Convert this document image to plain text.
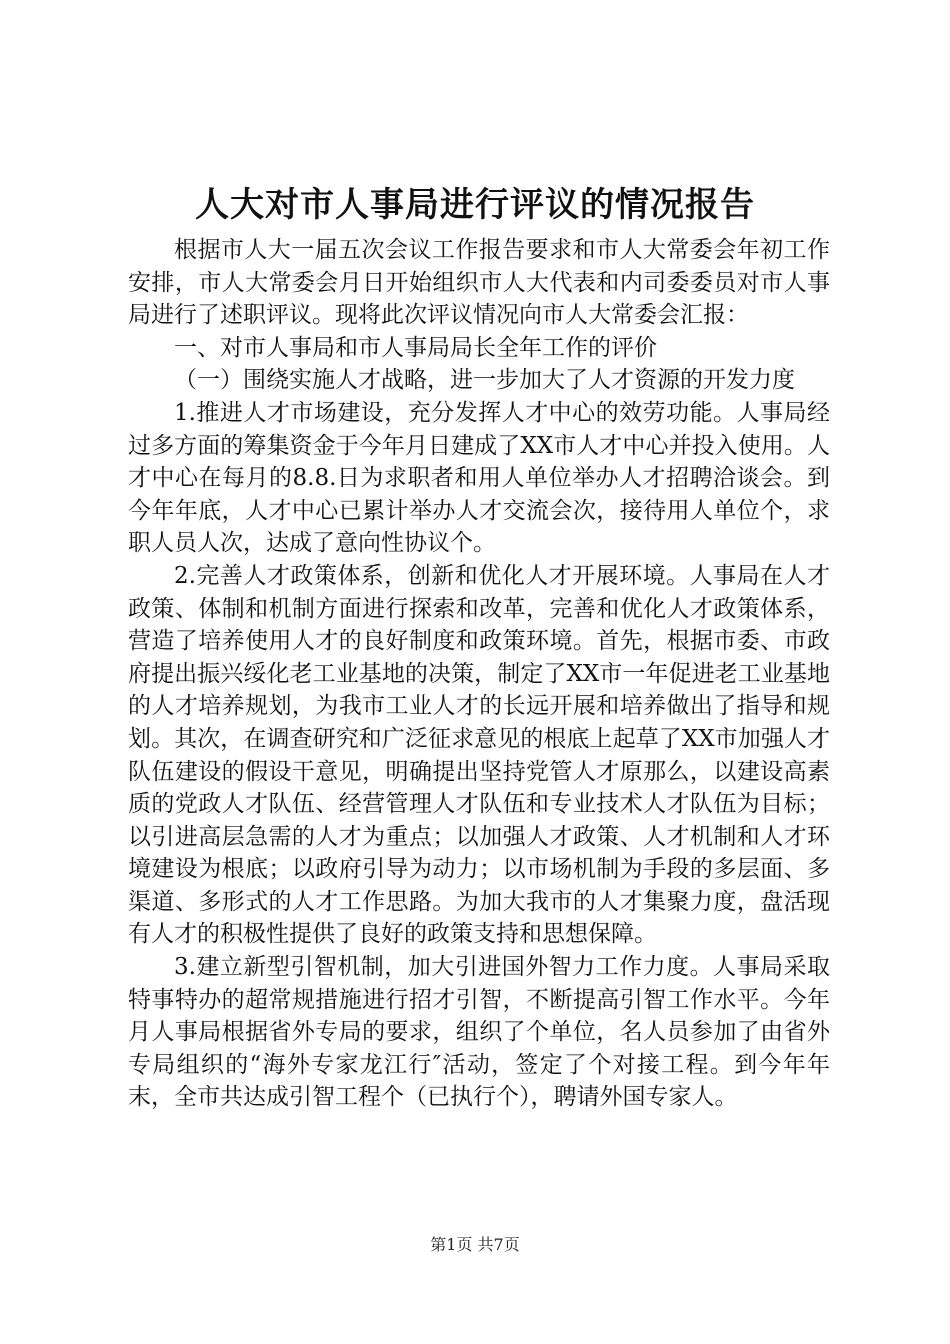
人大对市人事局进行评议的情况报告

根据市人大一届五次会议工作报告要求和市人大常委会年初工作安排，市人大常委会月日开始组织市人大代表和内司委委员对市人事局进行了述职评议。现将此次评议情况向市人大常委会汇报：

一、对市人事局和市人事局局长全年工作的评价

（一）围绕实施人才战略，进一步加大了人才资源的开发力度

1.推进人才市场建设，充分发挥人才中心的效劳功能。人事局经过多方面的筹集资金于今年月日建成了XX市人才中心并投入使用。人才中心在每月的8.8.日为求职者和用人单位举办人才招聘洽谈会。到今年年底，人才中心已累计举办人才交流会次，接待用人单位个，求职人员人次，达成了意向性协议个。

2.完善人才政策体系，创新和优化人才开展环境。人事局在人才政策、体制和机制方面进行探索和改革，完善和优化人才政策体系，营造了培养使用人才的良好制度和政策环境。首先，根据市委、市政府提出振兴绥化老工业基地的决策，制定了XX市一年促进老工业基地的人才培养规划，为我市工业人才的长远开展和培养做出了指导和规划。其次，在调查研究和广泛征求意见的根底上起草了XX市加强人才队伍建设的假设干意见，明确提出坚持党管人才原那么，以建设高素质的党政人才队伍、经营管理人才队伍和专业技术人才队伍为目标；以引进高层急需的人才为重点；以加强人才政策、人才机制和人才环境建设为根底；以政府引导为动力；以市场机制为手段的多层面、多渠道、多形式的人才工作思路。为加大我市的人才集聚力度，盘活现有人才的积极性提供了良好的政策支持和思想保障。

3.建立新型引智机制，加大引进国外智力工作力度。人事局采取特事特办的超常规措施进行招才引智，不断提高引智工作水平。今年月人事局根据省外专局的要求，组织了个单位，名人员参加了由省外专局组织的“海外专家龙江行″活动，签定了个对接工程。到今年年末，全市共达成引智工程个（已执行个），聘请外国专家人。

第1页 共7页
